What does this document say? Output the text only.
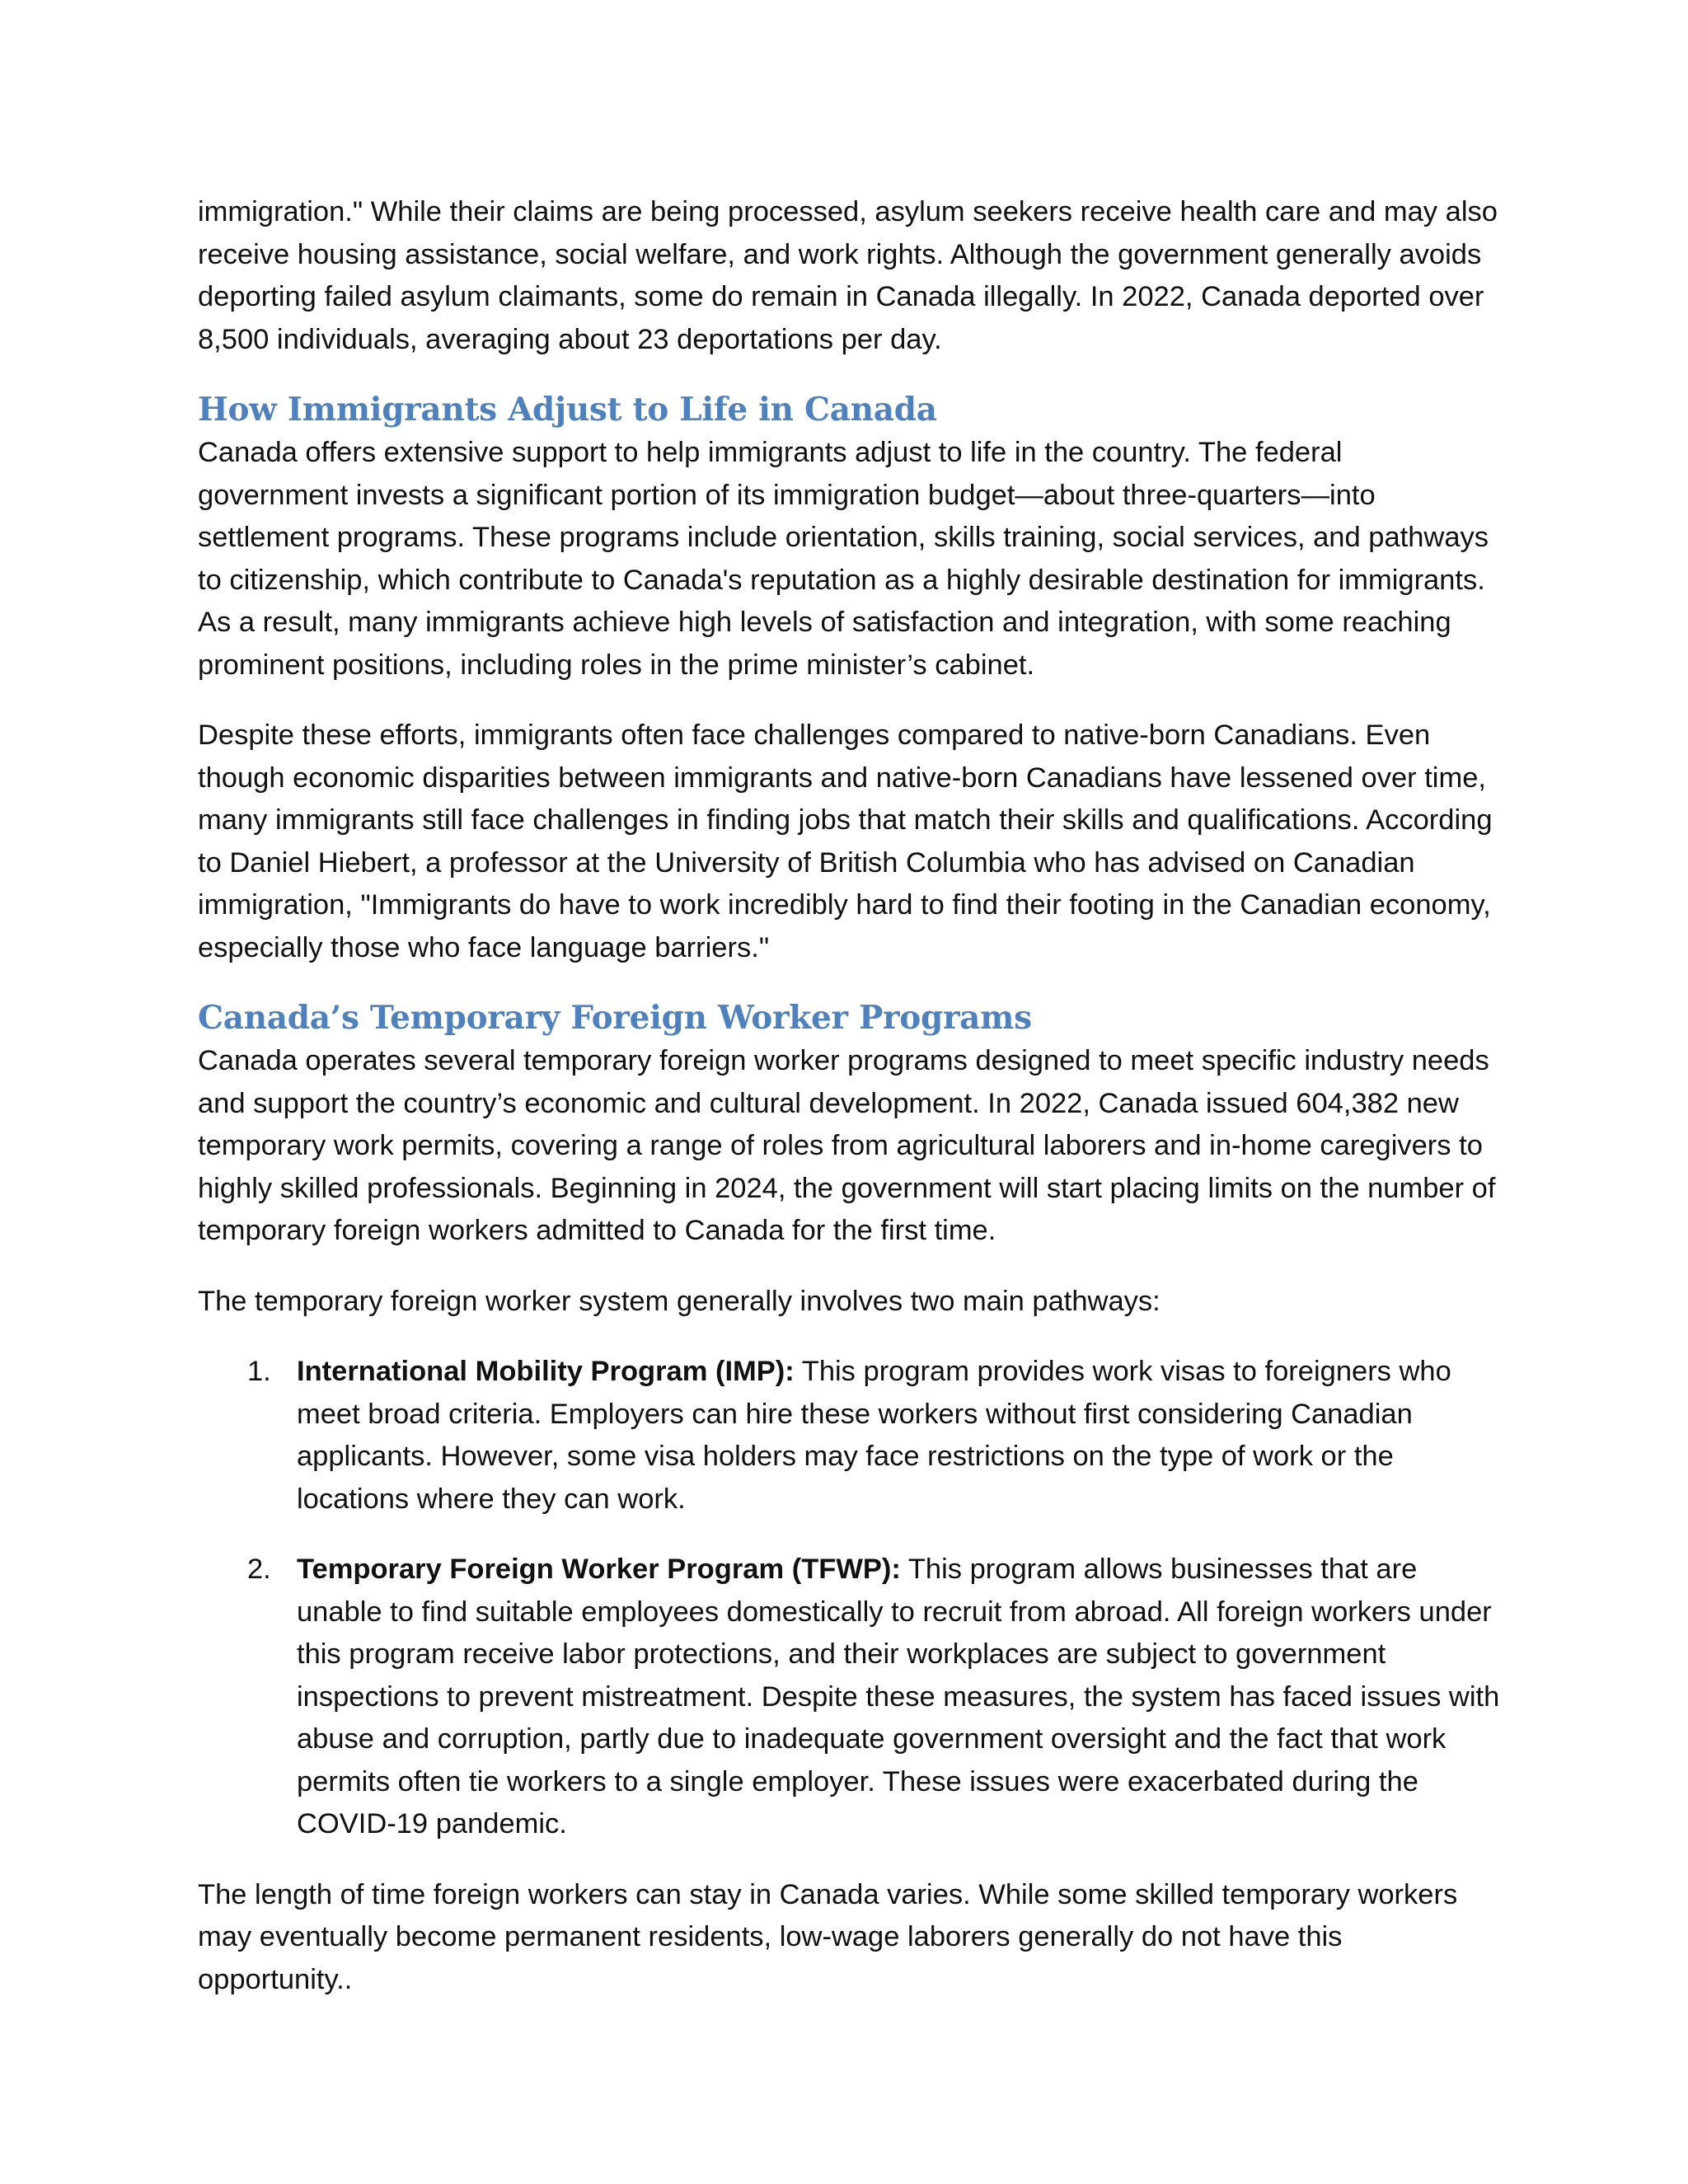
immigration." While their claims are being processed, asylum seekers receive health care and may also receive housing assistance, social welfare, and work rights. Although the government generally avoids deporting failed asylum claimants, some do remain in Canada illegally. In 2022, Canada deported over 8,500 individuals, averaging about 23 deportations per day.

How Immigrants Adjust to Life in Canada

Canada offers extensive support to help immigrants adjust to life in the country. The federal government invests a significant portion of its immigration budget—about three-quarters—into settlement programs. These programs include orientation, skills training, social services, and pathways to citizenship, which contribute to Canada's reputation as a highly desirable destination for immigrants. As a result, many immigrants achieve high levels of satisfaction and integration, with some reaching prominent positions, including roles in the prime minister’s cabinet.

Despite these efforts, immigrants often face challenges compared to native-born Canadians. Even though economic disparities between immigrants and native-born Canadians have lessened over time, many immigrants still face challenges in finding jobs that match their skills and qualifications. According to Daniel Hiebert, a professor at the University of British Columbia who has advised on Canadian immigration, "Immigrants do have to work incredibly hard to find their footing in the Canadian economy, especially those who face language barriers."

Canada’s Temporary Foreign Worker Programs

Canada operates several temporary foreign worker programs designed to meet specific industry needs and support the country’s economic and cultural development. In 2022, Canada issued 604,382 new temporary work permits, covering a range of roles from agricultural laborers and in-home caregivers to highly skilled professionals. Beginning in 2024, the government will start placing limits on the number of temporary foreign workers admitted to Canada for the first time.

The temporary foreign worker system generally involves two main pathways:

1. International Mobility Program (IMP): This program provides work visas to foreigners who meet broad criteria. Employers can hire these workers without first considering Canadian applicants. However, some visa holders may face restrictions on the type of work or the locations where they can work.
2. Temporary Foreign Worker Program (TFWP): This program allows businesses that are unable to find suitable employees domestically to recruit from abroad. All foreign workers under this program receive labor protections, and their workplaces are subject to government inspections to prevent mistreatment. Despite these measures, the system has faced issues with abuse and corruption, partly due to inadequate government oversight and the fact that work permits often tie workers to a single employer. These issues were exacerbated during the COVID-19 pandemic.

The length of time foreign workers can stay in Canada varies. While some skilled temporary workers may eventually become permanent residents, low-wage laborers generally do not have this opportunity..
